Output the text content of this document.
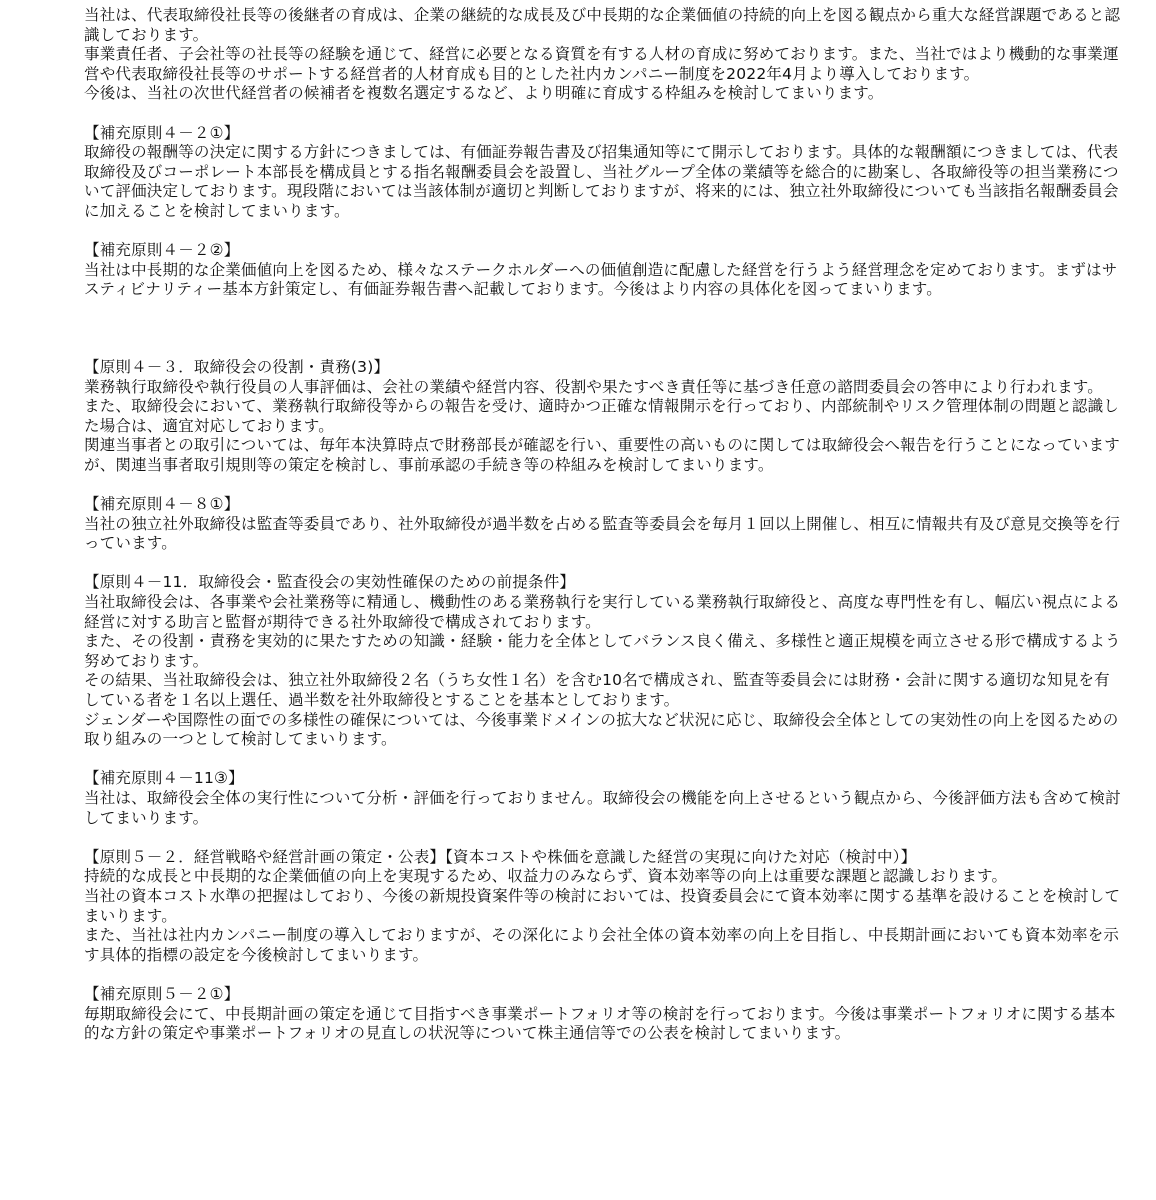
当社は、代表取締役社長等の後継者の育成は、企業の継続的な成長及び中長期的な企業価値の持続的向上を図る観点から重大な経営課題であると認識しております。

事業責任者、子会社等の社長等の経験を通じて、経営に必要となる資質を有する人材の育成に努めております。また、当社ではより機動的な事業運営や代表取締役社長等のサポートする経営者的人材育成も目的とした社内カンパニー制度を2022年4月より導入しております。

今後は、当社の次世代経営者の候補者を複数名選定するなど、より明確に育成する枠組みを検討してまいります。

【補充原則４－２①】

取締役の報酬等の決定に関する方針につきましては、有価証券報告書及び招集通知等にて開示しております。具体的な報酬額につきましては、代表取締役及びコーポレート本部長を構成員とする指名報酬委員会を設置し、当社グループ全体の業績等を総合的に勘案し、各取締役等の担当業務について評価決定しております。現段階においては当該体制が適切と判断しておりますが、将来的には、独立社外取締役についても当該指名報酬委員会に加えることを検討してまいります。

【補充原則４－２②】

当社は中長期的な企業価値向上を図るため、様々なステークホルダーへの価値創造に配慮した経営を行うよう経営理念を定めております。まずはサスティビナリティー基本方針策定し、有価証券報告書へ記載しております。今後はより内容の具体化を図ってまいります。

【原則４－３．取締役会の役割・責務(3)】

業務執行取締役や執行役員の人事評価は、会社の業績や経営内容、役割や果たすべき責任等に基づき任意の諮問委員会の答申により行われます。

また、取締役会において、業務執行取締役等からの報告を受け、適時かつ正確な情報開示を行っており、内部統制やリスク管理体制の問題と認識した場合は、適宜対応しております。

関連当事者との取引については、毎年本決算時点で財務部長が確認を行い、重要性の高いものに関しては取締役会へ報告を行うことになっていますが、関連当事者取引規則等の策定を検討し、事前承認の手続き等の枠組みを検討してまいります。

【補充原則４－８①】

当社の独立社外取締役は監査等委員であり、社外取締役が過半数を占める監査等委員会を毎月１回以上開催し、相互に情報共有及び意見交換等を行っています。

【原則４－11．取締役会・監査役会の実効性確保のための前提条件】

当社取締役会は、各事業や会社業務等に精通し、機動性のある業務執行を実行している業務執行取締役と、高度な専門性を有し、幅広い視点による経営に対する助言と監督が期待できる社外取締役で構成されております。

また、その役割・責務を実効的に果たすための知識・経験・能力を全体としてバランス良く備え、多様性と適正規模を両立させる形で構成するよう努めております。

その結果、当社取締役会は、独立社外取締役２名（うち女性１名）を含む10名で構成され、監査等委員会には財務・会計に関する適切な知見を有している者を１名以上選任、過半数を社外取締役とすることを基本としております。

ジェンダーや国際性の面での多様性の確保については、今後事業ドメインの拡大など状況に応じ、取締役会全体としての実効性の向上を図るための取り組みの一つとして検討してまいります。

【補充原則４－11③】

当社は、取締役会全体の実行性について分析・評価を行っておりません。取締役会の機能を向上させるという観点から、今後評価方法も含めて検討してまいります。

【原則５－２．経営戦略や経営計画の策定・公表】【資本コストや株価を意識した経営の実現に向けた対応（検討中）】

持続的な成長と中長期的な企業価値の向上を実現するため、収益力のみならず、資本効率等の向上は重要な課題と認識しおります。

当社の資本コスト水準の把握はしており、今後の新規投資案件等の検討においては、投資委員会にて資本効率に関する基準を設けることを検討してまいります。

また、当社は社内カンパニー制度の導入しておりますが、その深化により会社全体の資本効率の向上を目指し、中長期計画においても資本効率を示す具体的指標の設定を今後検討してまいります。

【補充原則５－２①】

毎期取締役会にて、中長期計画の策定を通じて目指すべき事業ポートフォリオ等の検討を行っております。今後は事業ポートフォリオに関する基本的な方針の策定や事業ポートフォリオの見直しの状況等について株主通信等での公表を検討してまいります。
